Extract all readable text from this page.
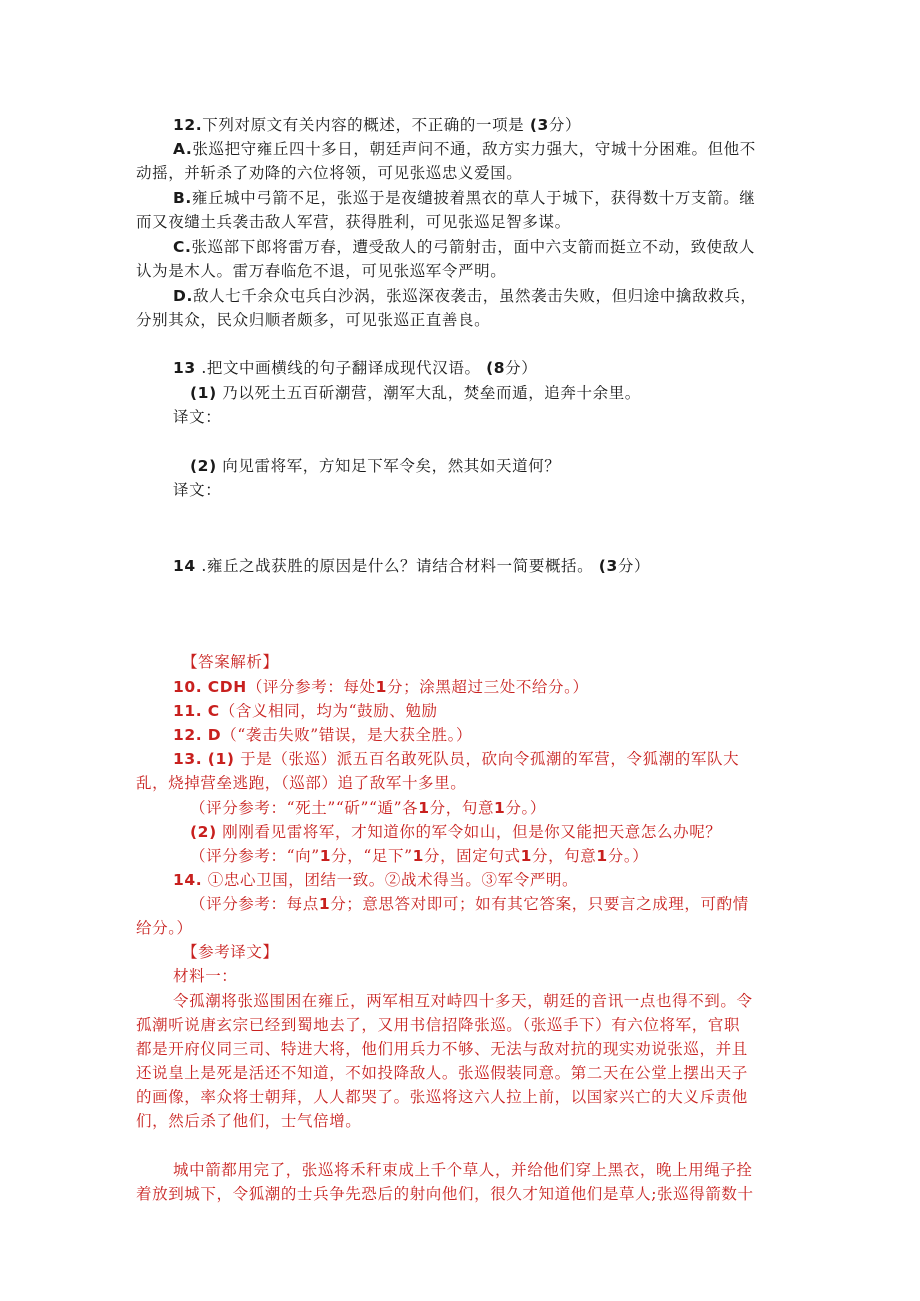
12.下列对原文有关内容的概述，不正确的一项是 (3分）
A.张巡把守雍丘四十多日，朝廷声问不通，敌方实力强大，守城十分困难。但他不
动摇，并斩杀了劝降的六位将领，可见张巡忠义爱国。
B.雍丘城中弓箭不足，张巡于是夜缱披着黑衣的草人于城下，获得数十万支箭。继
而又夜缱土兵袭击敌人军营，获得胜利，可见张巡足智多谋。
C.张巡部下郎将雷万春，遭受敌人的弓箭射击，面中六支箭而挺立不动，致使敌人
认为是木人。雷万春临危不退，可见张巡军令严明。
D.敌人七千余众屯兵白沙涡，张巡深夜袭击，虽然袭击失败，但归途中擒敌救兵，
分别其众，民众归顺者颇多，可见张巡正直善良。
13 .把文中画横线的句子翻译成现代汉语。 (8分）
(1) 乃以死土五百斫潮营，潮军大乱，焚垒而遁，追奔十余里。
译文：
(2) 向见雷将军，方知足下军令矣，然其如天道何？
译文：
14 .雍丘之战获胜的原因是什么？请结合材料一简要概括。 (3分）
【答案解析】
10. CDH（评分参考：每处1分；涂黑超过三处不给分。）
11. C（含义相同，均为“鼓励、勉励
12. D（“袭击失败”错误，是大获全胜。）
13. (1) 于是（张巡）派五百名敢死队员，砍向令孤潮的军营，令狐潮的军队大
乱，烧掉营垒逃跑，（巡部）追了敌军十多里。
（评分参考：“死土”“斫”“遁”各1分，句意1分。）
(2) 刚刚看见雷将军，才知道你的军令如山，但是你又能把天意怎么办呢？
（评分参考：“向”1分，“足下”1分，固定句式1分，句意1分。）
14. ①忠心卫国，团结一致。②战术得当。③军令严明。
（评分参考：每点1分；意思答对即可；如有其它答案，只要言之成理，可酌情
给分。）
【参考译文】
材料一：
令孤潮将张巡围困在雍丘，两军相互对峙四十多天，朝廷的音讯一点也得不到。令
孤潮听说唐玄宗已经到蜀地去了，又用书信招降张巡。（张巡手下）有六位将军，官职
都是开府仪同三司、特进大将，他们用兵力不够、无法与敌对抗的现实劝说张巡，并且
还说皇上是死是活还不知道，不如投降敌人。张巡假装同意。第二天在公堂上摆出天子
的画像，率众将士朝拜，人人都哭了。张巡将这六人拉上前，以国家兴亡的大义斥责他
们，然后杀了他们，士气倍增。
城中箭都用完了，张巡将禾秆束成上千个草人，并给他们穿上黑衣，晚上用绳子拴
着放到城下，令狐潮的士兵争先恐后的射向他们，很久才知道他们是草人;张巡得箭数十
